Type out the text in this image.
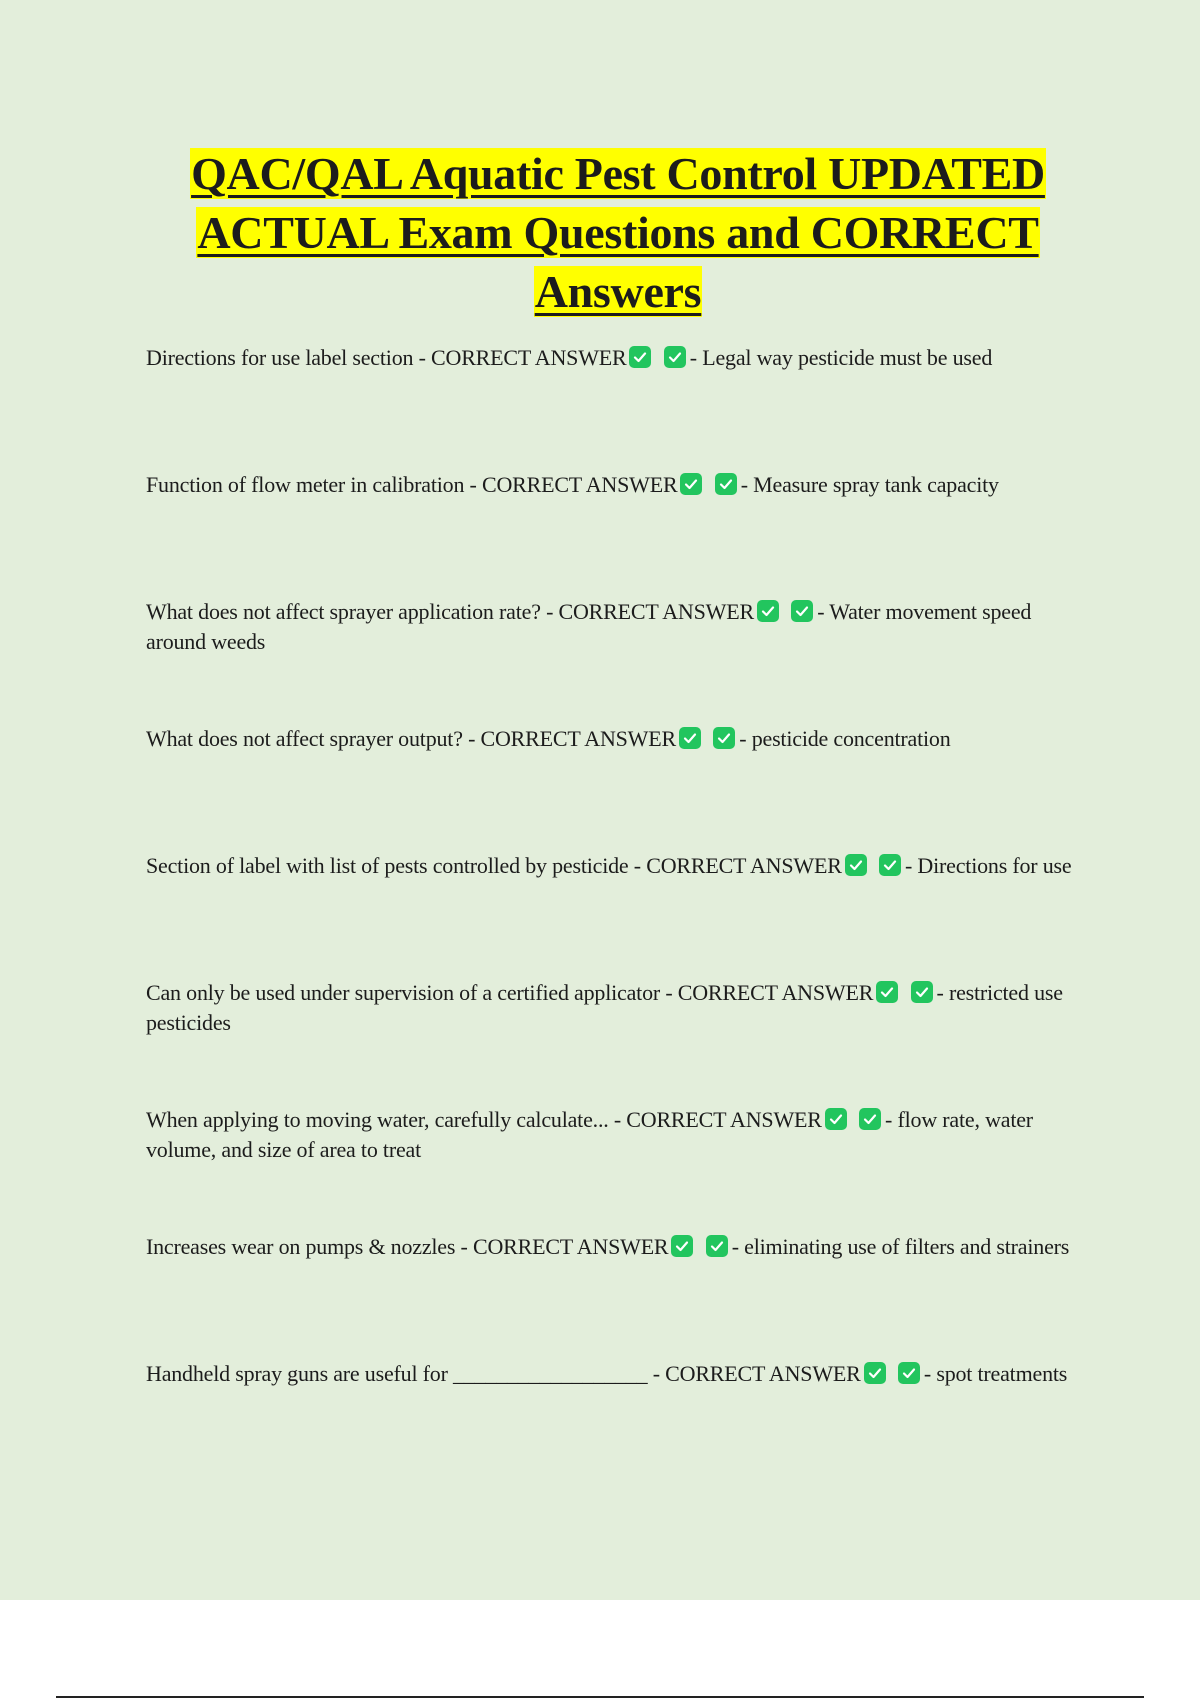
QAC/QAL Aquatic Pest Control UPDATED ACTUAL Exam Questions and CORRECT Answers
Directions for use label section - CORRECT ANSWER
	- Legal way pesticide must be used
Function of flow meter in calibration - CORRECT ANSWER
	- Measure spray tank capacity
What does not affect sprayer application rate? - CORRECT ANSWER
	- Water movement speed around weeds
What does not affect sprayer output? - CORRECT ANSWER
	- pesticide concentration
Section of label with list of pests controlled by pesticide - CORRECT ANSWER
	- Directions for use
Can only be used under supervision of a certified applicator - CORRECT ANSWER
	- restricted use pesticides
When applying to moving water, carefully calculate... - CORRECT ANSWER
	- flow rate, water volume, and size of area to treat
Increases wear on pumps & nozzles - CORRECT ANSWER
	- eliminating use of filters and strainers
Handheld spray guns are useful for __________________ - CORRECT ANSWER
	- spot treatments
